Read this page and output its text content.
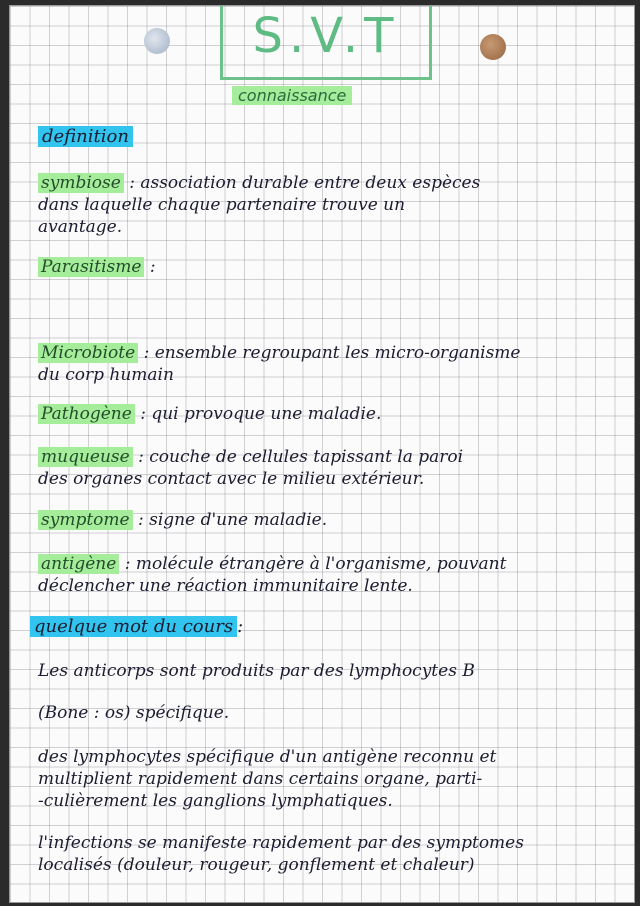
S.V.T
connaissance
definition
symbiose : association durable entre deux espèces
dans laquelle chaque partenaire trouve un
avantage.
Parasitisme :
Microbiote : ensemble regroupant les micro-organisme
du corp humain
Pathogène : qui provoque une maladie.
muqueuse : couche de cellules tapissant la paroi
des organes contact avec le milieu extérieur.
symptome : signe d'une maladie.
antigène : molécule étrangère à l'organisme, pouvant
déclencher une réaction immunitaire lente.
quelque mot du cours :
Les anticorps sont produits par des lymphocytes B
(Bone : os) spécifique.
des lymphocytes spécifique d'un antigène reconnu et
multiplient rapidement dans certains organe, parti-
-culièrement les ganglions lymphatiques.
l'infections se manifeste rapidement par des symptomes
localisés (douleur, rougeur, gonflement et chaleur)
